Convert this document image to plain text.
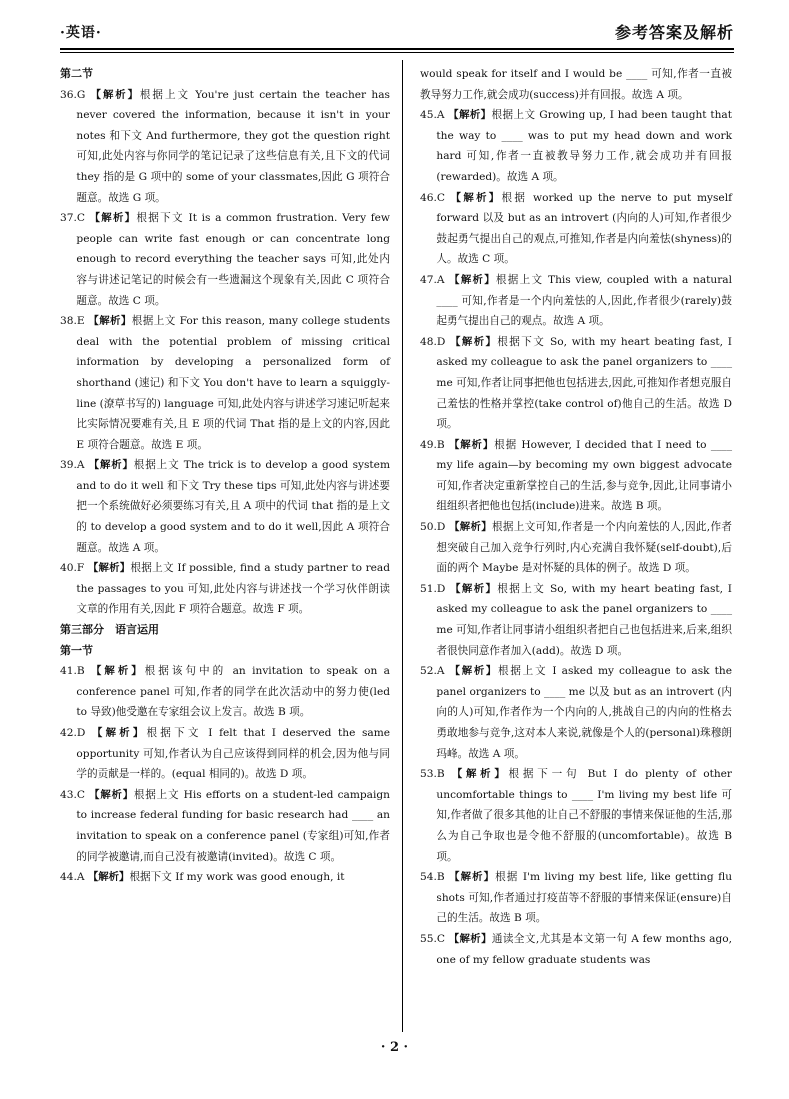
·英语·	参考答案及解析
第二节

36.G 【解析】根据上文 You're just certain the teacher has never covered the information, because it isn't in your notes 和下文 And furthermore, they got the question right 可知,此处内容与你同学的笔记记录了这些信息有关,且下文的代词 they 指的是 G 项中的 some of your classmates,因此 G 项符合题意。故选 G 项。

37.C 【解析】根据下文 It is a common frustration. Very few people can write fast enough or can concentrate long enough to record everything the teacher says 可知,此处内容与讲述记笔记的时候会有一些遗漏这个现象有关,因此 C 项符合题意。故选 C 项。

38.E 【解析】根据上文 For this reason, many college students deal with the potential problem of missing critical information by developing a personalized form of shorthand (速记) 和下文 You don't have to learn a squiggly-line (潦草书写的) language 可知,此处内容与讲述学习速记听起来比实际情况要难有关,且 E 项的代词 That 指的是上文的内容,因此 E 项符合题意。故选 E 项。

39.A 【解析】根据上文 The trick is to develop a good system and to do it well 和下文 Try these tips 可知,此处内容与讲述要把一个系统做好必须要练习有关,且 A 项中的代词 that 指的是上文的 to develop a good system and to do it well,因此 A 项符合题意。故选 A 项。

40.F 【解析】根据上文 If possible, find a study partner to read the passages to you 可知,此处内容与讲述找一个学习伙伴朗读文章的作用有关,因此 F 项符合题意。故选 F 项。

第三部分　语言运用
第一节

41.B 【解析】根据该句中的 an invitation to speak on a conference panel 可知,作者的同学在此次活动中的努力使(led to 导致)他受邀在专家组会议上发言。故选 B 项。

42.D 【解析】根据下文 I felt that I deserved the same opportunity 可知,作者认为自己应该得到同样的机会,因为他与同学的贡献是一样的。(equal 相同的)。故选 D 项。

43.C 【解析】根据上文 His efforts on a student-led campaign to increase federal funding for basic research had ____ an invitation to speak on a conference panel (专家组)可知,作者的同学被邀请,而自己没有被邀请(invited)。故选 C 项。

44.A 【解析】根据下文 If my work was good enough, it

would speak for itself and I would be ____ 可知,作者一直被教导努力工作,就会成功(success)并有回报。故选 A 项。

45.A 【解析】根据上文 Growing up, I had been taught that the way to ____ was to put my head down and work hard 可知,作者一直被教导努力工作,就会成功并有回报(rewarded)。故选 A 项。

46.C 【解析】根据 worked up the nerve to put myself forward 以及 but as an introvert (内向的人)可知,作者很少鼓起勇气提出自己的观点,可推知,作者是内向羞怯(shyness)的人。故选 C 项。

47.A 【解析】根据上文 This view, coupled with a natural ____ 可知,作者是一个内向羞怯的人,因此,作者很少(rarely)鼓起勇气提出自己的观点。故选 A 项。

48.D 【解析】根据下文 So, with my heart beating fast, I asked my colleague to ask the panel organizers to ____ me 可知,作者让同事把他也包括进去,因此,可推知作者想克服自己羞怯的性格并掌控(take control of)他自己的生活。故选 D 项。

49.B 【解析】根据 However, I decided that I need to ____ my life again—by becoming my own biggest advocate 可知,作者决定重新掌控自己的生活,参与竞争,因此,让同事请小组组织者把他也包括(include)进来。故选 B 项。

50.D 【解析】根据上文可知,作者是一个内向羞怯的人,因此,作者想突破自己加入竞争行列时,内心充满自我怀疑(self-doubt),后面的两个 Maybe 是对怀疑的具体的例子。故选 D 项。

51.D 【解析】根据上文 So, with my heart beating fast, I asked my colleague to ask the panel organizers to ____ me 可知,作者让同事请小组组织者把自己也包括进来,后来,组织者很快同意作者加入(add)。故选 D 项。

52.A 【解析】根据上文 I asked my colleague to ask the panel organizers to ____ me 以及 but as an introvert (内向的人)可知,作者作为一个内向的人,挑战自己的内向的性格去勇敢地参与竞争,这对本人来说,就像是个人的(personal)珠穆朗玛峰。故选 A 项。

53.B 【解析】根据下一句 But I do plenty of other uncomfortable things to ____ I'm living my best life 可知,作者做了很多其他的让自己不舒服的事情来保证他的生活,那么为自己争取也是令他不舒服的(uncomfortable)。故选 B 项。

54.B 【解析】根据 I'm living my best life, like getting flu shots 可知,作者通过打疫苗等不舒服的事情来保证(ensure)自己的生活。故选 B 项。

55.C 【解析】通读全文,尤其是本文第一句 A few months ago, one of my fellow graduate students was

· 2 ·
